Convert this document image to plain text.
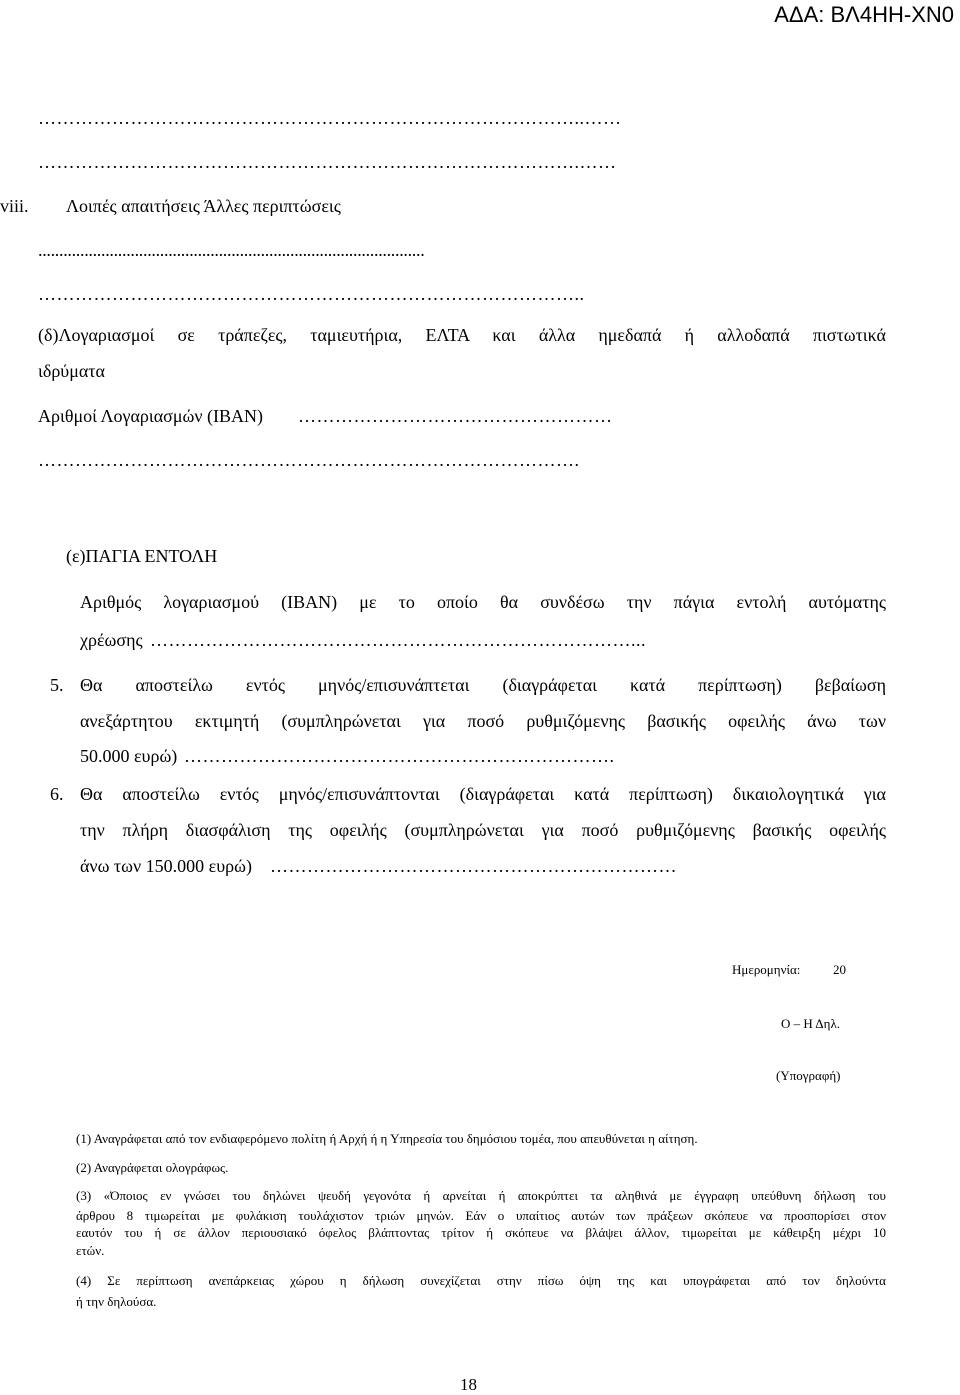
ΑΔΑ: ΒΛ4ΗΗ-ΧΝ0
……………………………………………………………………………..……
…………………………………………………………………………….……
viii. Λοιπές απαιτήσεις Άλλες περιπτώσεις
............................................................................................
……………………………………………………………………………..
(δ)Λογαριασμοί σε τράπεζες, ταμιευτήρια, ΕΛΤΑ και άλλα ημεδαπά ή αλλοδαπά πιστωτικά
ιδρύματα
Αριθμοί Λογαριασμών (IBAN) ……………………………………………
…………………………………………………………………………….
(ε)ΠΑΓΙΑ ΕΝΤΟΛΗ
Αριθμός λογαριασμού (ΙΒΑΝ) με το οποίο θα συνδέσω την πάγια εντολή αυτόματης
χρέωσης ……………………………………………………………………...
5. Θα αποστείλω εντός μηνός/επισυνάπτεται (διαγράφεται κατά περίπτωση) βεβαίωση
ανεξάρτητου εκτιμητή (συμπληρώνεται για ποσό ρυθμιζόμενης βασικής οφειλής άνω των
50.000 ευρώ) …………………………………………………………….
6. Θα αποστείλω εντός μηνός/επισυνάπτονται (διαγράφεται κατά περίπτωση) δικαιολογητικά για
την πλήρη διασφάλιση της οφειλής (συμπληρώνεται για ποσό ρυθμιζόμενης βασικής οφειλής
άνω των 150.000 ευρώ) …………………………………………………………
Ημερομηνία:	20
Ο – Η Δηλ.
(Υπογραφή)
(1) Αναγράφεται από τον ενδιαφερόμενο πολίτη ή Αρχή ή η Υπηρεσία του δημόσιου τομέα, που απευθύνεται η αίτηση.
(2) Αναγράφεται ολογράφως.
(3) «Όποιος εν γνώσει του δηλώνει ψευδή γεγονότα ή αρνείται ή αποκρύπτει τα αληθινά με έγγραφη υπεύθυνη δήλωση του
άρθρου 8 τιμωρείται με φυλάκιση τουλάχιστον τριών μηνών. Εάν ο υπαίτιος αυτών των πράξεων σκόπευε να προσπορίσει στον
εαυτόν του ή σε άλλον περιουσιακό όφελος βλάπτοντας τρίτον ή σκόπευε να βλάψει άλλον, τιμωρείται με κάθειρξη μέχρι 10
ετών.
(4) Σε περίπτωση ανεπάρκειας χώρου η δήλωση συνεχίζεται στην πίσω όψη της και υπογράφεται από τον δηλούντα
ή την δηλούσα.
18
